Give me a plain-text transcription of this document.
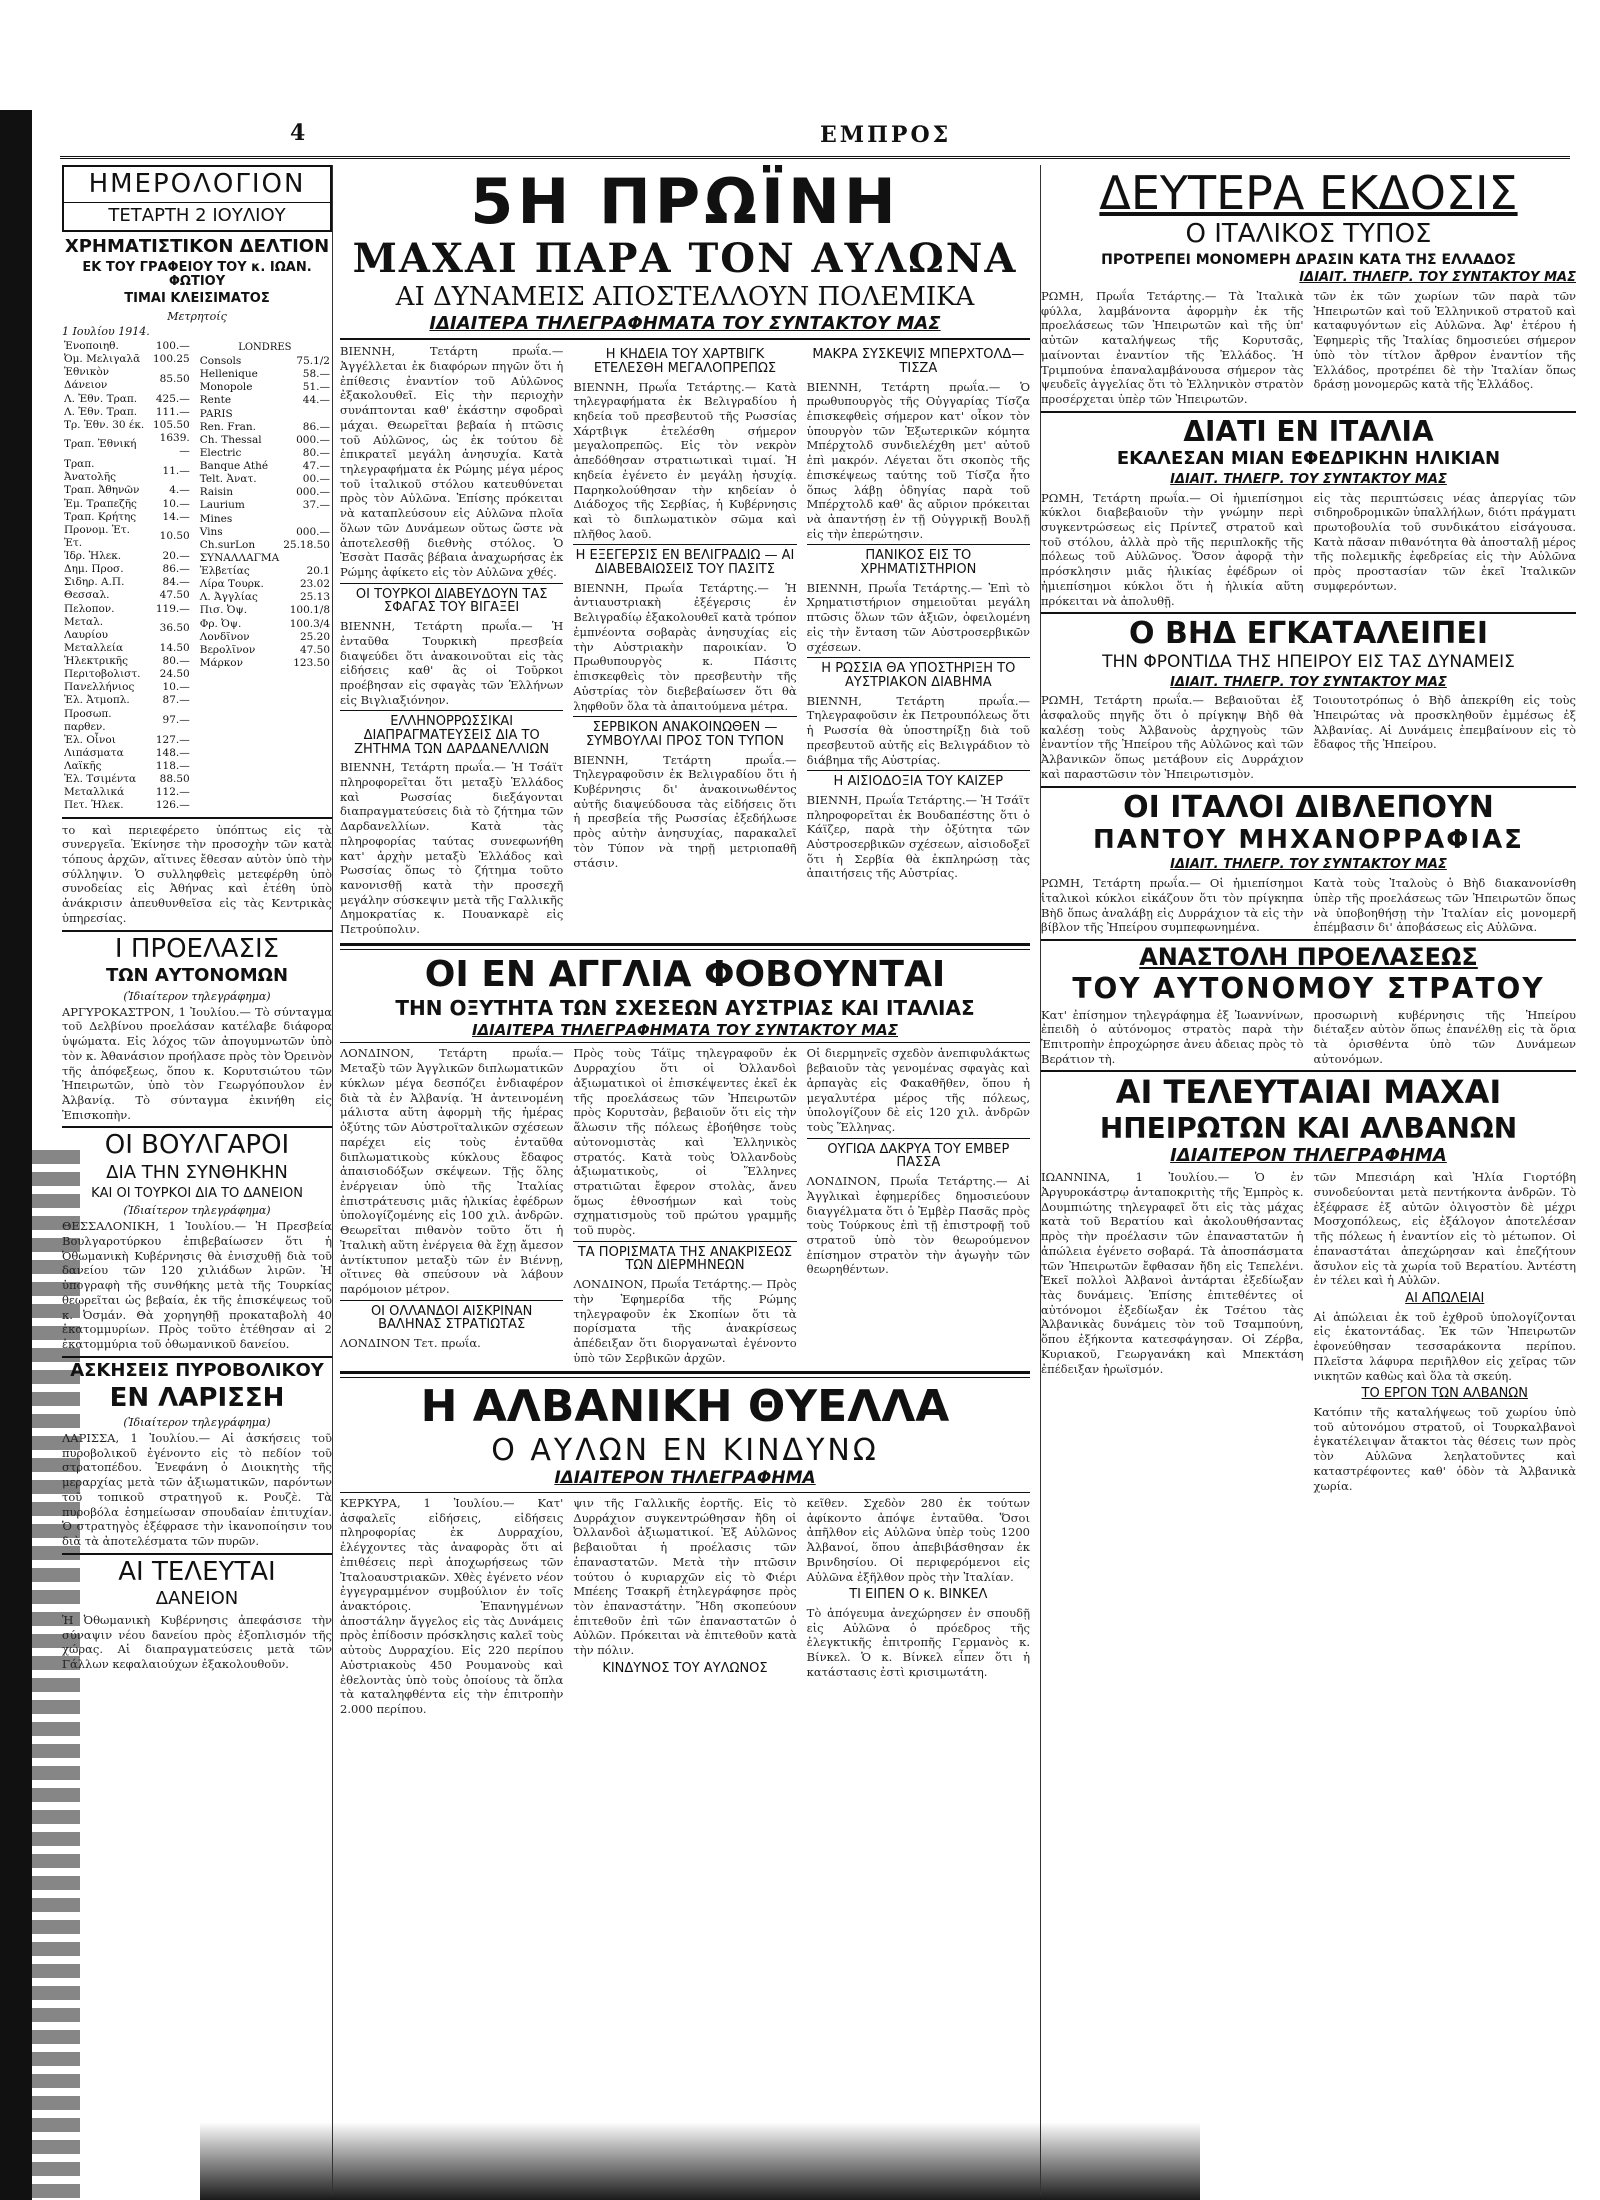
4	ΕΜΠΡΟΣ
ΗΜΕΡΟΛΟΓΙΟΝ
ΤΕΤΑΡΤΗ 2 ΙΟΥΛΙΟΥ
ΧΡΗΜΑΤΙΣΤΙΚΟΝ ΔΕΛΤΙΟΝ
ΕΚ ΤΟΥ ΓΡΑΦΕΙΟΥ ΤΟΥ κ. ΙΩΑΝ. ΦΩΤΙΟΥ
ΤΙΜΑΙ ΚΛΕΙΣΙΜΑΤΟΣ
Μετρητοίς
1 Ιουλίου 1914.
Ἑνοποιηθ.	100.—
Ὀμ. Μελιγαλᾶ	100.25
Ἐθνικὸν Δάνειον	85.50
Λ. Ἐθν. Τραπ.	425.—
Λ. Ἐθν. Τραπ.	111.—
Τρ. Ἐθν. 30 έκ.	105.50
Τραπ. Ἐθνική	1639.—
Τραπ. Ἀνατολῆς	11.—
Τραπ. Ἀθηνῶν	4.—
Ἐμ. Τραπεζῆς	10.—
Τραπ. Κρήτης	14.—
Προνομ. Ἐτ. Ἐτ.	10.50
Ἰδρ. Ἠλεκ.	20.—
Δημ. Προσ.	86.—
Σιδηρ. Α.Π.	84.—
Θεσσαλ.	47.50
Πελοπον.	119.—
Μεταλ. Λαυρίου	36.50
Μεταλλεία	14.50
Ἠλεκτρικῆς	80.—
Περιτοβολιστ.	24.50
Πανελλήνιος	10.—
Ἐλ. Ἀτμοπλ.	87.—
Προσωπ. παρθεν.	97.—
Ἐλ. Οἶνοι	127.—
Λιπάσματα	148.—
Λαϊκῆς	118.—
Ἐλ. Τσιμέντα	88.50
Μεταλλικά	112.—
Πετ. Ἠλεκ.	126.—
LONDRES
Consols	75.1/2
Hellenique	58.—
Monopole	51.—
Rente	44.—
PARIS	
Ren. Fran.	86.—
Ch. Thessal	000.—
Electric	80.—
Banque Athé	47.—
Telt. Ἀνατ.	00.—
Raisin	000.—
Laurium	37.—
Mines	
Vins	000.—
Ch.surLon	25.18.50
ΣΥΝΑΛΛΑΓΜΑ	
Ἐλβετίας	20.1
Λίρα Τουρκ.	23.02
Λ. Ἀγγλίας	25.13
Πισ. Ὀψ.	100.1/8
Φρ. Ὀψ.	100.3/4
Λονδῖνον	25.20
Βερολῖνον	47.50
Μάρκον	123.50
το καὶ περιεφέρετο ὑπόπτως εἰς τὰ συνεργεῖα. Ἐκίνησε τὴν προσοχὴν τῶν κατὰ τόπους ἀρχῶν, αἵτινες ἔθεσαν αὐτὸν ὑπὸ τὴν σύλληψιν. Ὁ συλληφθεὶς μετεφέρθη ὑπὸ συνοδείας εἰς Ἀθήνας καὶ ἐτέθη ὑπὸ ἀνάκρισιν ἀπευθυνθεῖσα εἰς τὰς Κεντρικὰς ὑπηρεσίας.
Ι ΠΡΟΕΛΑΣΙΣ
ΤΩΝ ΑΥΤΟΝΟΜΩΝ
(Ἰδιαίτερον τηλεγράφημα)
ΑΡΓΥΡΟΚΑΣΤΡΟΝ, 1 Ἰουλίου.— Τὸ σύνταγμα τοῦ Δελβίνου προελάσαν κατέλαβε διάφορα ὑψώματα. Εἰς λόχος τῶν ἀπογυμνωτῶν ὑπὸ τὸν κ. Ἀθανάσιον προήλασε πρὸς τὸν Ὀρεινὸν τῆς ἀπόφεξεως, ὅπου κ. Κορυτσιώτου τῶν Ἠπειρωτῶν, ὑπὸ τὸν Γεωργόπουλον ἐν Ἀλβανίᾳ. Τὸ σύνταγμα ἐκινήθη εἰς Ἐπισκοπὴν.
ΟΙ ΒΟΥΛΓΑΡΟΙ
ΔΙΑ ΤΗΝ ΣΥΝΘΗΚΗΝ
ΚΑΙ ΟΙ ΤΟΥΡΚΟΙ ΔΙΑ ΤΟ ΔΑΝΕΙΟΝ
(Ἰδιαίτερον τηλεγράφημα)
ΘΕΣΣΑΛΟΝΙΚΗ, 1 Ἰουλίου.— Ἡ Πρεσβεία Βουλγαροτύρκου ἐπιβεβαίωσεν ὅτι ἡ Ὀθωμανικὴ Κυβέρνησις θὰ ἐνισχυθῇ διὰ τοῦ δανείου τῶν 120 χιλιάδων λιρῶν. Ἡ ὑπογραφὴ τῆς συνθήκης μετὰ τῆς Τουρκίας θεωρεῖται ὡς βεβαία, ἐκ τῆς ἐπισκέψεως τοῦ κ. Ὀσμάν. Θὰ χορηγηθῇ προκαταβολὴ 40 ἑκατομμυρίων. Πρὸς τοῦτο ἐτέθησαν αἱ 2 ἑκατομμύρια τοῦ ὀθωμανικοῦ δανείου.
ΑΣΚΗΣΕΙΣ ΠΥΡΟΒΟΛΙΚΟΥ
ΕΝ ΛΑΡΙΣΣΗ
(Ἰδιαίτερον τηλεγράφημα)
ΛΑΡΙΣΣΑ, 1 Ἰουλίου.— Αἱ ἀσκήσεις τοῦ πυροβολικοῦ ἐγένοντο εἰς τὸ πεδίον τοῦ στρατοπέδου. Ἐνεφάνη ὁ Διοικητὴς τῆς μεραρχίας μετὰ τῶν ἀξιωματικῶν, παρόντων τοῦ τοπικοῦ στρατηγοῦ κ. Ρουζὲ. Τὰ πυροβόλα ἐσημείωσαν σπουδαίαν ἐπιτυχίαν. Ὁ στρατηγὸς ἐξέφρασε τὴν ἱκανοποίησιν του διὰ τὰ ἀποτελέσματα τῶν πυρῶν.
ΑΙ ΤΕΛΕΥΤΑΙ
ΔΑΝΕΙΟΝ
Ἡ Ὀθωμανικὴ Κυβέρνησις ἀπεφάσισε τὴν σύναψιν νέου δανείου πρὸς ἐξοπλισμόν τῆς χώρας. Αἱ διαπραγματεύσεις μετὰ τῶν Γάλλων κεφαλαιούχων ἐξακολουθοῦν.
5Η ΠΡΩΪΝΗ
ΜΑΧΑΙ ΠΑΡΑ ΤΟΝ ΑΥΛΩΝΑ
ΑΙ ΔΥΝΑΜΕΙΣ ΑΠΟΣΤΕΛΛΟΥΝ ΠΟΛΕΜΙΚΑ
ΙΔΙΑΙΤΕΡΑ ΤΗΛΕΓΡΑΦΗΜΑΤΑ ΤΟΥ ΣΥΝΤΑΚΤΟΥ ΜΑΣ
ΒΙΕΝΝΗ, Τετάρτη πρωΐα.— Ἀγγέλλεται ἐκ διαφόρων πηγῶν ὅτι ἡ ἐπίθεσις ἐναντίον τοῦ Αὐλῶνος ἐξακολουθεῖ. Εἰς τὴν περιοχὴν συνάπτονται καθ' ἑκάστην σφοδραὶ μάχαι. Θεωρεῖται βεβαία ἡ πτῶσις τοῦ Αὐλῶνος, ὡς ἐκ τούτου δὲ ἐπικρατεῖ μεγάλη ἀνησυχία. Κατὰ τηλεγραφήματα ἐκ Ρώμης μέγα μέρος τοῦ ἰταλικοῦ στόλου κατευθύνεται πρὸς τὸν Αὐλῶνα. Ἐπίσης πρόκειται νὰ καταπλεύσουν εἰς Αὐλῶνα πλοῖα ὅλων τῶν Δυνάμεων οὕτως ὥστε νὰ ἀποτελεσθῇ διεθνὴς στόλος. Ὁ Ἐσσὰτ Πασᾶς βέβαια ἀναχωρήσας ἐκ Ρώμης ἀφίκετο εἰς τὸν Αὐλῶνα χθές.
ΟΙ ΤΟΥΡΚΟΙ ΔΙΑΒΕΥΔΟΥΝ ΤΑΣ ΣΦΑΓΑΣ ΤΟΥ ΒΙΓΑΞΕΙ
ΒΙΕΝΝΗ, Τετάρτη πρωΐα.— Ἡ ἐνταῦθα Τουρκικὴ πρεσβεία διαψεύδει ὅτι ἀνακοινοῦται εἰς τὰς εἰδήσεις καθ' ἃς οἱ Τοῦρκοι προέβησαν εἰς σφαγὰς τῶν Ἑλλήνων εἰς Βιγλιαξιόνηον.
ΕΛΛΗΝΟΡΡΩΣΣΙΚΑΙ ΔΙΑΠΡΑΓΜΑΤΕΥΣΕΙΣ ΔΙΑ ΤΟ ΖΗΤΗΜΑ ΤΩΝ ΔΑΡΔΑΝΕΛΛΙΩΝ
ΒΙΕΝΝΗ, Τετάρτη πρωΐα.— Ἡ Τσάϊτ πληροφορεῖται ὅτι μεταξὺ Ἑλλάδος καὶ Ρωσσίας διεξάγονται διαπραγματεύσεις διὰ τὸ ζήτημα τῶν Δαρδανελλίων. Κατὰ τὰς πληροφορίας ταύτας συνεφωνήθη κατ' ἀρχὴν μεταξὺ Ἑλλάδος καὶ Ρωσσίας ὅπως τὸ ζήτημα τοῦτο κανονισθῇ κατὰ τὴν προσεχῆ μεγάλην σύσκεψιν μετὰ τῆς Γαλλικῆς Δημοκρατίας κ. Πουανκαρὲ εἰς Πετρούπολιν.
Η ΚΗΔΕΙΑ ΤΟΥ ΧΑΡΤΒΙΓΚ ΕΤΕΛΕΣΘΗ ΜΕΓΑΛΟΠΡΕΠΩΣ
ΒΙΕΝΝΗ, Πρωΐα Τετάρτης.— Κατὰ τηλεγραφήματα ἐκ Βελιγραδίου ἡ κηδεία τοῦ πρεσβευτοῦ τῆς Ρωσσίας Χάρτβιγκ ἐτελέσθη σήμερον μεγαλοπρεπῶς. Εἰς τὸν νεκρὸν ἀπεδόθησαν στρατιωτικαὶ τιμαί. Ἡ κηδεία ἐγένετο ἐν μεγάλῃ ἡσυχίᾳ. Παρηκολούθησαν τὴν κηδείαν ὁ Διάδοχος τῆς Σερβίας, ἡ Κυβέρνησις καὶ τὸ διπλωματικὸν σῶμα καὶ πλῆθος λαοῦ.
Η ΕΞΕΓΕΡΣΙΣ ΕΝ ΒΕΛΙΓΡΑΔΙΩ — ΑΙ ΔΙΑΒΕΒΑΙΩΣΕΙΣ ΤΟΥ ΠΑΣΙΤΣ
ΒΙΕΝΝΗ, Πρωΐα Τετάρτης.— Ἡ ἀντιαυστριακὴ ἐξέγερσις ἐν Βελιγραδίῳ ἐξακολουθεῖ κατὰ τρόπον ἐμπνέοντα σοβαρὰς ἀνησυχίας εἰς τὴν Αὐστριακὴν παροικίαν. Ὁ Πρωθυπουργὸς κ. Πάσιτς ἐπισκεφθεὶς τὸν πρεσβευτὴν τῆς Αὐστρίας τὸν διεβεβαίωσεν ὅτι θὰ ληφθοῦν ὅλα τὰ ἀπαιτούμενα μέτρα.
ΣΕΡΒΙΚΟΝ ΑΝΑΚΟΙΝΩΘΕΝ — ΣΥΜΒΟΥΛΑΙ ΠΡΟΣ ΤΟΝ ΤΥΠΟΝ
ΒΙΕΝΝΗ, Τετάρτη πρωΐα.— Τηλεγραφοῦσιν ἐκ Βελιγραδίου ὅτι ἡ Κυβέρνησις δι' ἀνακοινωθέντος αὐτῆς διαψεύδουσα τὰς εἰδήσεις ὅτι ἡ πρεσβεία τῆς Ρωσσίας ἐξεδήλωσε πρὸς αὐτὴν ἀνησυχίας, παρακαλεῖ τὸν Τύπον νὰ τηρῇ μετριοπαθῆ στάσιν.
ΜΑΚΡΑ ΣΥΣΚΕΨΙΣ ΜΠΕΡΧΤΟΛΔ—ΤΙΣΖΑ
ΒΙΕΝΝΗ, Τετάρτη πρωΐα.— Ὁ πρωθυπουργὸς τῆς Οὐγγαρίας Τίσζα ἐπισκεφθεὶς σήμερον κατ' οἶκον τὸν ὑπουργὸν τῶν Ἐξωτερικῶν κόμητα Μπέρχτολδ συνδιελέχθη μετ' αὐτοῦ ἐπὶ μακρόν. Λέγεται ὅτι σκοπὸς τῆς ἐπισκέψεως ταύτης τοῦ Τίσζα ἦτο ὅπως λάβῃ ὁδηγίας παρὰ τοῦ Μπέρχτολδ καθ' ἃς αὔριον πρόκειται νὰ ἀπαντήσῃ ἐν τῇ Οὐγγρικῇ Βουλῇ εἰς τὴν ἐπερώτησιν.
ΠΑΝΙΚΟΣ ΕΙΣ ΤΟ ΧΡΗΜΑΤΙΣΤΗΡΙΟΝ
ΒΙΕΝΝΗ, Πρωΐα Τετάρτης.— Ἐπὶ τὸ Χρηματιστήριον σημειοῦται μεγάλη πτῶσις ὅλων τῶν ἀξιῶν, ὀφειλομένη εἰς τὴν ἔνταση τῶν Αὐστροσερβικῶν σχέσεων.
Η ΡΩΣΣΙΑ ΘΑ ΥΠΟΣΤΗΡΙΞΗ ΤΟ ΑΥΣΤΡΙΑΚΟΝ ΔΙΑΒΗΜΑ
ΒΙΕΝΝΗ, Τετάρτη πρωΐα.— Τηλεγραφοῦσιν ἐκ Πετρουπόλεως ὅτι ἡ Ρωσσία θὰ ὑποστηρίξῃ διὰ τοῦ πρεσβευτοῦ αὐτῆς εἰς Βελιγράδιον τὸ διάβημα τῆς Αὐστρίας.
Η ΑΙΣΙΟΔΟΞΙΑ ΤΟΥ ΚΑΙΖΕΡ
ΒΙΕΝΝΗ, Πρωΐα Τετάρτης.— Ἡ Τσάϊτ πληροφορεῖται ἐκ Βουδαπέστης ὅτι ὁ Κάϊζερ, παρὰ τὴν ὀξύτητα τῶν Αὐστροσερβικῶν σχέσεων, αἰσιοδοξεῖ ὅτι ἡ Σερβία θὰ ἐκπληρώσῃ τὰς ἀπαιτήσεις τῆς Αὐστρίας.
ΟΙ ΕΝ ΑΓΓΛΙΑ ΦΟΒΟΥΝΤΑΙ
ΤΗΝ ΟΞΥΤΗΤΑ ΤΩΝ ΣΧΕΣΕΩΝ ΑΥΣΤΡΙΑΣ ΚΑΙ ΙΤΑΛΙΑΣ
ΙΔΙΑΙΤΕΡΑ ΤΗΛΕΓΡΑΦΗΜΑΤΑ ΤΟΥ ΣΥΝΤΑΚΤΟΥ ΜΑΣ
ΛΟΝΔΙΝΟΝ, Τετάρτη πρωΐα.— Μεταξὺ τῶν Ἀγγλικῶν διπλωματικῶν κύκλων μέγα δεσπόζει ἐνδιαφέρον διὰ τὰ ἐν Ἀλβανίᾳ. Ἡ ἀντεινομένη μάλιστα αὕτη ἀφορμὴ τῆς ἡμέρας ὀξύτης τῶν Αὐστροϊταλικῶν σχέσεων παρέχει εἰς τοὺς ἐνταῦθα διπλωματικοὺς κύκλους ἔδαφος ἀπαισιοδόξων σκέψεων. Τῇς ὅλης ἐνέργειαν ὑπὸ τῆς Ἰταλίας ἐπιστράτευσις μιᾶς ἡλικίας ἐφέδρων ὑπολογίζομένης εἰς 100 χιλ. ἀνδρῶν. Θεωρεῖται πιθανὸν τοῦτο ὅτι ἡ Ἰταλικὴ αὕτη ἐνέργεια θὰ ἔχῃ ἄμεσον ἀντίκτυπον μεταξὺ τῶν ἐν Βιέννῃ, οἵτινες θὰ σπεύσουν νὰ λάβουν παρόμοιον μέτρον.
ΟΙ ΟΛΛΑΝΔΟΙ ΑΙΣΚΡΙΝΑΝ ΒΑΛΗΝΑΣ ΣΤΡΑΤΙΩΤΑΣ
ΛΟΝΔΙΝΟΝ Τετ. πρωΐα.
Πρὸς τοὺς Τάϊμς τηλεγραφοῦν ἐκ Δυρραχίου ὅτι οἱ Ὀλλανδοὶ ἀξιωματικοὶ οἱ ἐπισκέψεντες ἐκεῖ ἐκ τῆς προελάσεως τῶν Ἠπειρωτῶν πρὸς Κορυτσὰν, βεβαιοῦν ὅτι εἰς τὴν ἅλωσιν τῆς πόλεως ἐβοήθησε τοὺς αὐτονομιστὰς καὶ Ἑλληνικὸς στρατός. Κατὰ τοὺς Ὀλλανδοὺς ἀξιωματικοὺς, οἱ Ἕλληνες στρατιῶται ἔφερον στολὰς, ἄνευ ὅμως ἐθνοσήμων καὶ τοὺς σχηματισμοὺς τοῦ πρώτου γραμμῆς τοῦ πυρὸς.
ΤΑ ΠΟΡΙΣΜΑΤΑ ΤΗΣ ΑΝΑΚΡΙΣΕΩΣ ΤΩΝ ΔΙΕΡΜΗΝΕΩΝ
ΛΟΝΔΙΝΟΝ, Πρωΐα Τετάρτης.— Πρὸς τὴν Ἐφημερίδα τῆς Ρώμης τηλεγραφοῦν ἐκ Σκοπίων ὅτι τὰ πορίσματα τῆς ἀνακρίσεως ἀπέδειξαν ὅτι διοργανωταὶ ἐγένοντο ὑπὸ τῶν Σερβικῶν ἀρχῶν.
Οἱ διερμηνεῖς σχεδὸν ἀνεπιφυλάκτως βεβαιοῦν τὰς γενομένας σφαγὰς καὶ ἁρπαγὰς εἰς Φακαθῆθεν, ὅπου ἡ μεγαλυτέρα μέρος τῆς πόλεως, ὑπολογίζουν δὲ εἰς 120 χιλ. ἀνδρῶν τοὺς Ἕλληνας.
ΟΥΓΙΩΑ ΔΑΚΡΥΑ ΤΟΥ ΕΜΒΕΡ ΠΑΣΣΑ
ΛΟΝΔΙΝΟΝ, Πρωΐα Τετάρτης.— Αἱ Ἀγγλικαὶ ἐφημερίδες δημοσιεύουν διαγγέλματα ὅτι ὁ Ἐμβὲρ Πασᾶς πρὸς τοὺς Τούρκους ἐπὶ τῇ ἐπιστροφῇ τοῦ στρατοῦ ὑπὸ τὸν θεωρούμενον ἐπίσημον στρατὸν τὴν ἀγωγὴν τῶν θεωρηθέντων.
Η ΑΛΒΑΝΙΚΗ ΘΥΕΛΛΑ
Ο ΑΥΛΩΝ ΕΝ ΚΙΝΔΥΝΩ
ΙΔΙΑΙΤΕΡΟΝ ΤΗΛΕΓΡΑΦΗΜΑ
ΚΕΡΚΥΡΑ, 1 Ἰουλίου.— Κατ' ἀσφαλεῖς εἰδήσεις, εἰδήσεις πληροφορίας ἐκ Δυρραχίου, ἐλέγχοντες τὰς ἀναφορὰς ὅτι αἱ ἐπιθέσεις περὶ ἀποχωρήσεως τῶν Ἰταλοαυστριακῶν. Χθὲς ἐγένετο νέον ἐγγεγραμμένον συμβούλιον ἐν τοῖς ἀνακτόροις. Ἐπανηγμένων ἀποστάλην ἄγγελος εἰς τὰς Δυνάμεις πρὸς ἐπίδοσιν πρόσκλησις καλεῖ τοὺς αὐτοὺς Δυρραχίου. Εἰς 220 περίπου Αὐστριακοὺς 450 Ρουμανοὺς καὶ ἐθελοντὰς ὑπὸ τοὺς ὁποίους τὰ ὅπλα τὰ καταληφθέντα εἰς τὴν ἐπιτροπὴν 2.000 περίπου.
ψιν τῆς Γαλλικῆς ἑορτῆς. Εἰς τὸ Δυρράχιον συγκεντρώθησαν ἤδη οἱ Ὀλλανδοὶ ἀξιωματικοί. Ἐξ Αὐλῶνος βεβαιοῦται ἡ προέλασις τῶν ἐπαναστατῶν. Μετὰ τὴν πτῶσιν τούτου ὁ κυριαρχῶν εἰς τὸ Φιέρι Μπέεης Τσακρῆ ἐτηλεγράφησε πρὸς τὸν ἐπαναστάτην. Ἤδη σκοπεύουν ἐπιτεθοῦν ἐπὶ τῶν ἐπαναστατῶν ὁ Αὐλῶν. Πρόκειται νὰ ἐπιτεθοῦν κατὰ τὴν πόλιν.
ΚΙΝΔΥΝΟΣ ΤΟΥ ΑΥΛΩΝΟΣ
κεῖθεν. Σχεδὸν 280 ἐκ τούτων ἀφίκοντο ἀπόψε ἐνταῦθα. Ὅσοι ἀπῆλθον εἰς Αὐλῶνα ὑπὲρ τοὺς 1200 Ἀλβανοί, ὅπου ἀπεβιβάσθησαν ἐκ Βρινδησίου. Οἱ περιφερόμενοι εἰς Αὐλῶνα ἐξῆλθον πρὸς τὴν Ἰταλίαν.
ΤΙ ΕΙΠΕΝ Ο κ. ΒΙΝΚΕΛ
Τὸ ἀπόγευμα ἀνεχώρησεν ἐν σπουδῇ εἰς Αὐλῶνα ὁ πρόεδρος τῆς ἐλεγκτικῆς ἐπιτροπῆς Γερμανὸς κ. Βίνκελ. Ὁ κ. Βίνκελ εἶπεν ὅτι ἡ κατάστασις ἐστὶ κρισιμωτάτη.
ΔΕΥΤΕΡΑ ΕΚΔΟΣΙΣ
Ο ΙΤΑΛΙΚΟΣ ΤΥΠΟΣ
ΠΡΟΤΡΕΠΕΙ ΜΟΝΟΜΕΡΗ ΔΡΑΣΙΝ ΚΑΤΑ ΤΗΣ ΕΛΛΑΔΟΣ
ΙΔΙΑΙΤ. ΤΗΛΕΓΡ. ΤΟΥ ΣΥΝΤΑΚΤΟΥ ΜΑΣ
ΡΩΜΗ, Πρωΐα Τετάρτης.— Τὰ Ἰταλικὰ φύλλα, λαμβάνοντα ἀφορμὴν ἐκ τῆς προελάσεως τῶν Ἠπειρωτῶν καὶ τῆς ὑπ' αὐτῶν καταλήψεως τῆς Κορυτσᾶς, μαίνονται ἐναντίον τῆς Ἑλλάδος. Ἡ Τριμπούνα ἐπαναλαμβάνουσα σήμερον τὰς ψευδεῖς ἀγγελίας ὅτι τὸ Ἑλληνικὸν στρατὸν προσέρχεται ὑπὲρ τῶν Ἠπειρωτῶν.
τῶν ἐκ τῶν χωρίων τῶν παρὰ τῶν Ἠπειρωτῶν καὶ τοῦ Ἑλληνικοῦ στρατοῦ καὶ καταφυγόντων εἰς Αὐλῶνα. Ἀφ' ἑτέρου ἡ Ἐφημερὶς τῆς Ἰταλίας δημοσιεύει σήμερον ὑπὸ τὸν τίτλον ἄρθρον ἐναντίον τῆς Ἑλλάδος, προτρέπει δὲ τὴν Ἰταλίαν ὅπως δράσῃ μονομερῶς κατὰ τῆς Ἑλλάδος.
ΔΙΑΤΙ ΕΝ ΙΤΑΛΙΑ
ΕΚΑΛΕΣΑΝ ΜΙΑΝ ΕΦΕΔΡΙΚΗΝ ΗΛΙΚΙΑΝ
ΙΔΙΑΙΤ. ΤΗΛΕΓΡ. ΤΟΥ ΣΥΝΤΑΚΤΟΥ ΜΑΣ
ΡΩΜΗ, Τετάρτη πρωΐα.— Οἱ ἡμιεπίσημοι κύκλοι διαβεβαιοῦν τὴν γνώμην περὶ συγκεντρώσεως εἰς Πρίντεζ στρατοῦ καὶ τοῦ στόλου, ἀλλὰ πρὸ τῆς περιπλοκῆς τῆς πόλεως τοῦ Αὐλῶνος. Ὅσον ἀφορᾷ τὴν πρόσκλησιν μιᾶς ἡλικίας ἐφέδρων οἱ ἡμιεπίσημοι κύκλοι ὅτι ἡ ἡλικία αὕτη πρόκειται νὰ ἀπολυθῇ.
εἰς τὰς περιπτώσεις νέας ἀπεργίας τῶν σιδηροδρομικῶν ὑπαλλήλων, διότι πράγματι πρωτοβουλία τοῦ συνδικάτου εἰσάγουσα. Κατὰ πᾶσαν πιθανότητα θὰ ἀποσταλῇ μέρος τῆς πολεμικῆς ἐφεδρείας εἰς τὴν Αὐλῶνα πρὸς προστασίαν τῶν ἐκεῖ Ἰταλικῶν συμφερόντων.
Ο ΒΗΔ ΕΓΚΑΤΑΛΕΙΠΕΙ
ΤΗΝ ΦΡΟΝΤΙΔΑ ΤΗΣ ΗΠΕΙΡΟΥ ΕΙΣ ΤΑΣ ΔΥΝΑΜΕΙΣ
ΙΔΙΑΙΤ. ΤΗΛΕΓΡ. ΤΟΥ ΣΥΝΤΑΚΤΟΥ ΜΑΣ
ΡΩΜΗ, Τετάρτη πρωΐα.— Βεβαιοῦται ἐξ ἀσφαλοῦς πηγῆς ὅτι ὁ πρίγκηψ Βὴδ θὰ καλέσῃ τοὺς Ἀλβανοὺς ἀρχηγοὺς τῶν ἐναντίον τῆς Ἠπείρου τῆς Αὐλῶνος καὶ τῶν Ἀλβανικῶν ὅπως μετάβουν εἰς Δυρράχιον καὶ παραστῶσιν τὸν Ἠπειρωτισμὸν.
Τοιουτοτρόπως ὁ Βὴδ ἀπεκρίθη εἰς τοὺς Ἠπειρώτας νὰ προσκληθοῦν ἐμμέσως ἐξ Ἀλβανίας. Αἱ Δυνάμεις ἐπεμβαίνουν εἰς τὸ ἔδαφος τῆς Ἠπείρου.
ΟΙ ΙΤΑΛΟΙ ΔΙΒΛΕΠΟΥΝ
ΠΑΝΤΟΥ ΜΗΧΑΝΟΡΡΑΦΙΑΣ
ΙΔΙΑΙΤ. ΤΗΛΕΓΡ. ΤΟΥ ΣΥΝΤΑΚΤΟΥ ΜΑΣ
ΡΩΜΗ, Τετάρτη πρωΐα.— Οἱ ἡμιεπίσημοι ἰταλικοὶ κύκλοι εἰκάζουν ὅτι τὸν πρίγκηπα Βὴδ ὅπως ἀναλάβῃ εἰς Δυρράχιον τὰ εἰς τὴν βίβλον τῆς Ἠπείρου συμπεφωνημένα.
Κατὰ τοὺς Ἰταλοὺς ὁ Βὴδ διακανονίσθη ὑπὲρ τῆς προελάσεως τῶν Ἠπειρωτῶν ὅπως νὰ ὑποβοηθήσῃ τὴν Ἰταλίαν εἰς μονομερῆ ἐπέμβασιν δι' ἀποβάσεως εἰς Αὐλῶνα.
ΑΝΑΣΤΟΛΗ ΠΡΟΕΛΑΣΕΩΣ
ΤΟΥ ΑΥΤΟΝΟΜΟΥ ΣΤΡΑΤΟΥ
Κατ' ἐπίσημον τηλεγράφημα ἐξ Ἰωαννίνων, ἐπειδὴ ὁ αὐτόνομος στρατὸς παρὰ τὴν Ἐπιτροπὴν ἐπροχώρησε ἀνευ ἀδειας πρὸς τὸ Βεράτιον τὴ.
προσωρινὴ κυβέρνησις τῆς Ἠπείρου διέταξεν αὐτὸν ὅπως ἐπανέλθῃ εἰς τὰ ὅρια τὰ ὁρισθέντα ὑπὸ τῶν Δυνάμεων αὐτονόμων.
ΑΙ ΤΕΛΕΥΤΑΙΑΙ ΜΑΧΑΙ
ΗΠΕΙΡΩΤΩΝ ΚΑΙ ΑΛΒΑΝΩΝ
ΙΔΙΑΙΤΕΡΟΝ ΤΗΛΕΓΡΑΦΗΜΑ
ΙΩΑΝΝΙΝΑ, 1 Ἰουλίου.— Ὁ ἐν Ἀργυροκάστρῳ ἀνταποκριτὴς τῆς Ἐμπρὸς κ. Δουμπιώτης τηλεγραφεῖ ὅτι εἰς τὰς μάχας κατὰ τοῦ Βερατίου καὶ ἀκολουθήσαντας πρὸς τὴν προέλασιν τῶν ἐπαναστατῶν ἡ ἀπώλεια ἐγένετο σοβαρά. Τὰ ἀποσπάσματα τῶν Ἠπειρωτῶν ἔφθασαν ἤδη εἰς Τεπελένι. Ἐκεῖ πολλοὶ Ἀλβανοὶ ἀντάρται ἐξεδίωξαν τὰς δυνάμεις. Ἐπίσης ἐπιτεθέντες οἱ αὐτόνομοι ἐξεδίωξαν ἐκ Τσέτου τὰς Ἀλβανικὰς δυνάμεις τὸν τοῦ Τσαμπούνη, ὅπου ἐξήκοντα κατεσφάγησαν. Οἱ Ζέρβα, Κυριακοῦ, Γεωργανάκη καὶ Μπεκτάση ἐπέδειξαν ἡρωϊσμόν.
τῶν Μπεσιάρη καὶ Ἠλία Γιορτόβη συνοδεύονται μετὰ πεντήκοντα ἀνδρῶν. Τὸ ἐξέφρασε ἐξ αὐτῶν ὀλιγοστὸν δὲ μέχρι Μοσχοπόλεως, εἰς ἐξάλογον ἀποτελέσαν τῆς πόλεως ἡ ἐναντίον εἰς τὸ μέτωπον. Οἱ ἐπαναστάται ἀπεχώρησαν καὶ ἐπεζήτουν ἄσυλον εἰς τὰ χωρία τοῦ Βερατίου. Ἀντέστη ἐν τέλει καὶ ἡ Αὐλῶν.
ΑΙ ΑΠΩΛΕΙΑΙ
Αἱ ἀπώλειαι ἐκ τοῦ ἐχθροῦ ὑπολογίζονται εἰς ἑκατοντάδας. Ἐκ τῶν Ἠπειρωτῶν ἐφονεύθησαν τεσσαράκοντα περίπου. Πλεῖστα λάφυρα περιῆλθον εἰς χεῖρας τῶν νικητῶν καθὼς καὶ ὅλα τὰ σκεύη.
ΤΟ ΕΡΓΟΝ ΤΩΝ ΑΛΒΑΝΩΝ
Κατόπιν τῆς καταλήψεως τοῦ χωρίου ὑπὸ τοῦ αὐτονόμου στρατοῦ, οἱ Τουρκαλβανοὶ ἐγκατέλειψαν ἄτακτοι τὰς θέσεις των πρὸς τὸν Αὐλῶνα λεηλατοῦντες καὶ καταστρέφοντες καθ' ὁδὸν τὰ Ἀλβανικὰ χωρία.
